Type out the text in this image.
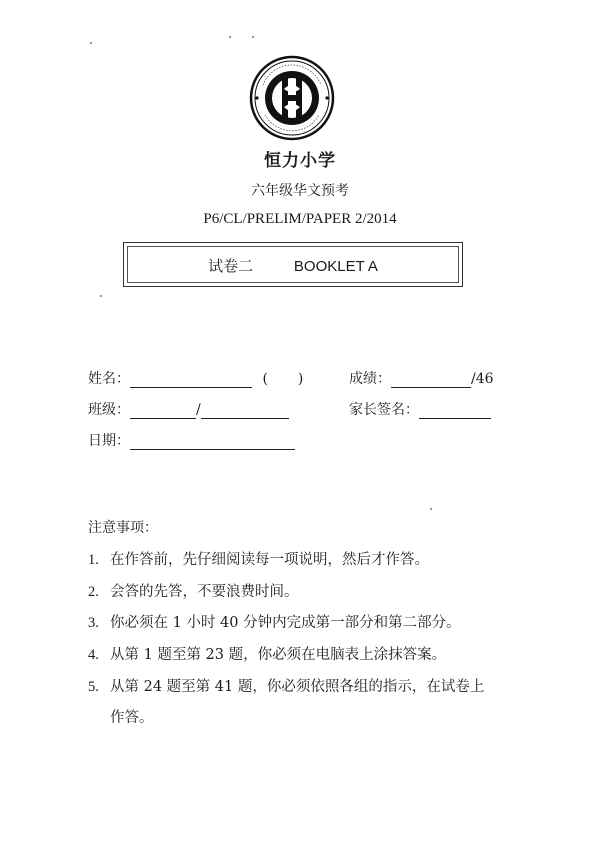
恒力小学
六年级华文预考
P6/CL/PRELIM/PAPER 2/2014
试卷二	BOOKLET A
姓名：	( )	成绩：	/46
班级：	/	家长签名：
日期：
注意事项：
1. 在作答前，先仔细阅读每一项说明，然后才作答。
2. 会答的先答，不要浪费时间。
3. 你必须在 1 小时 40 分钟内完成第一部分和第二部分。
4. 从第 1 题至第 23 题，你必须在电脑表上涂抹答案。
5. 从第 24 题至第 41 题，你必须依照各组的指示，在试卷上
作答。
